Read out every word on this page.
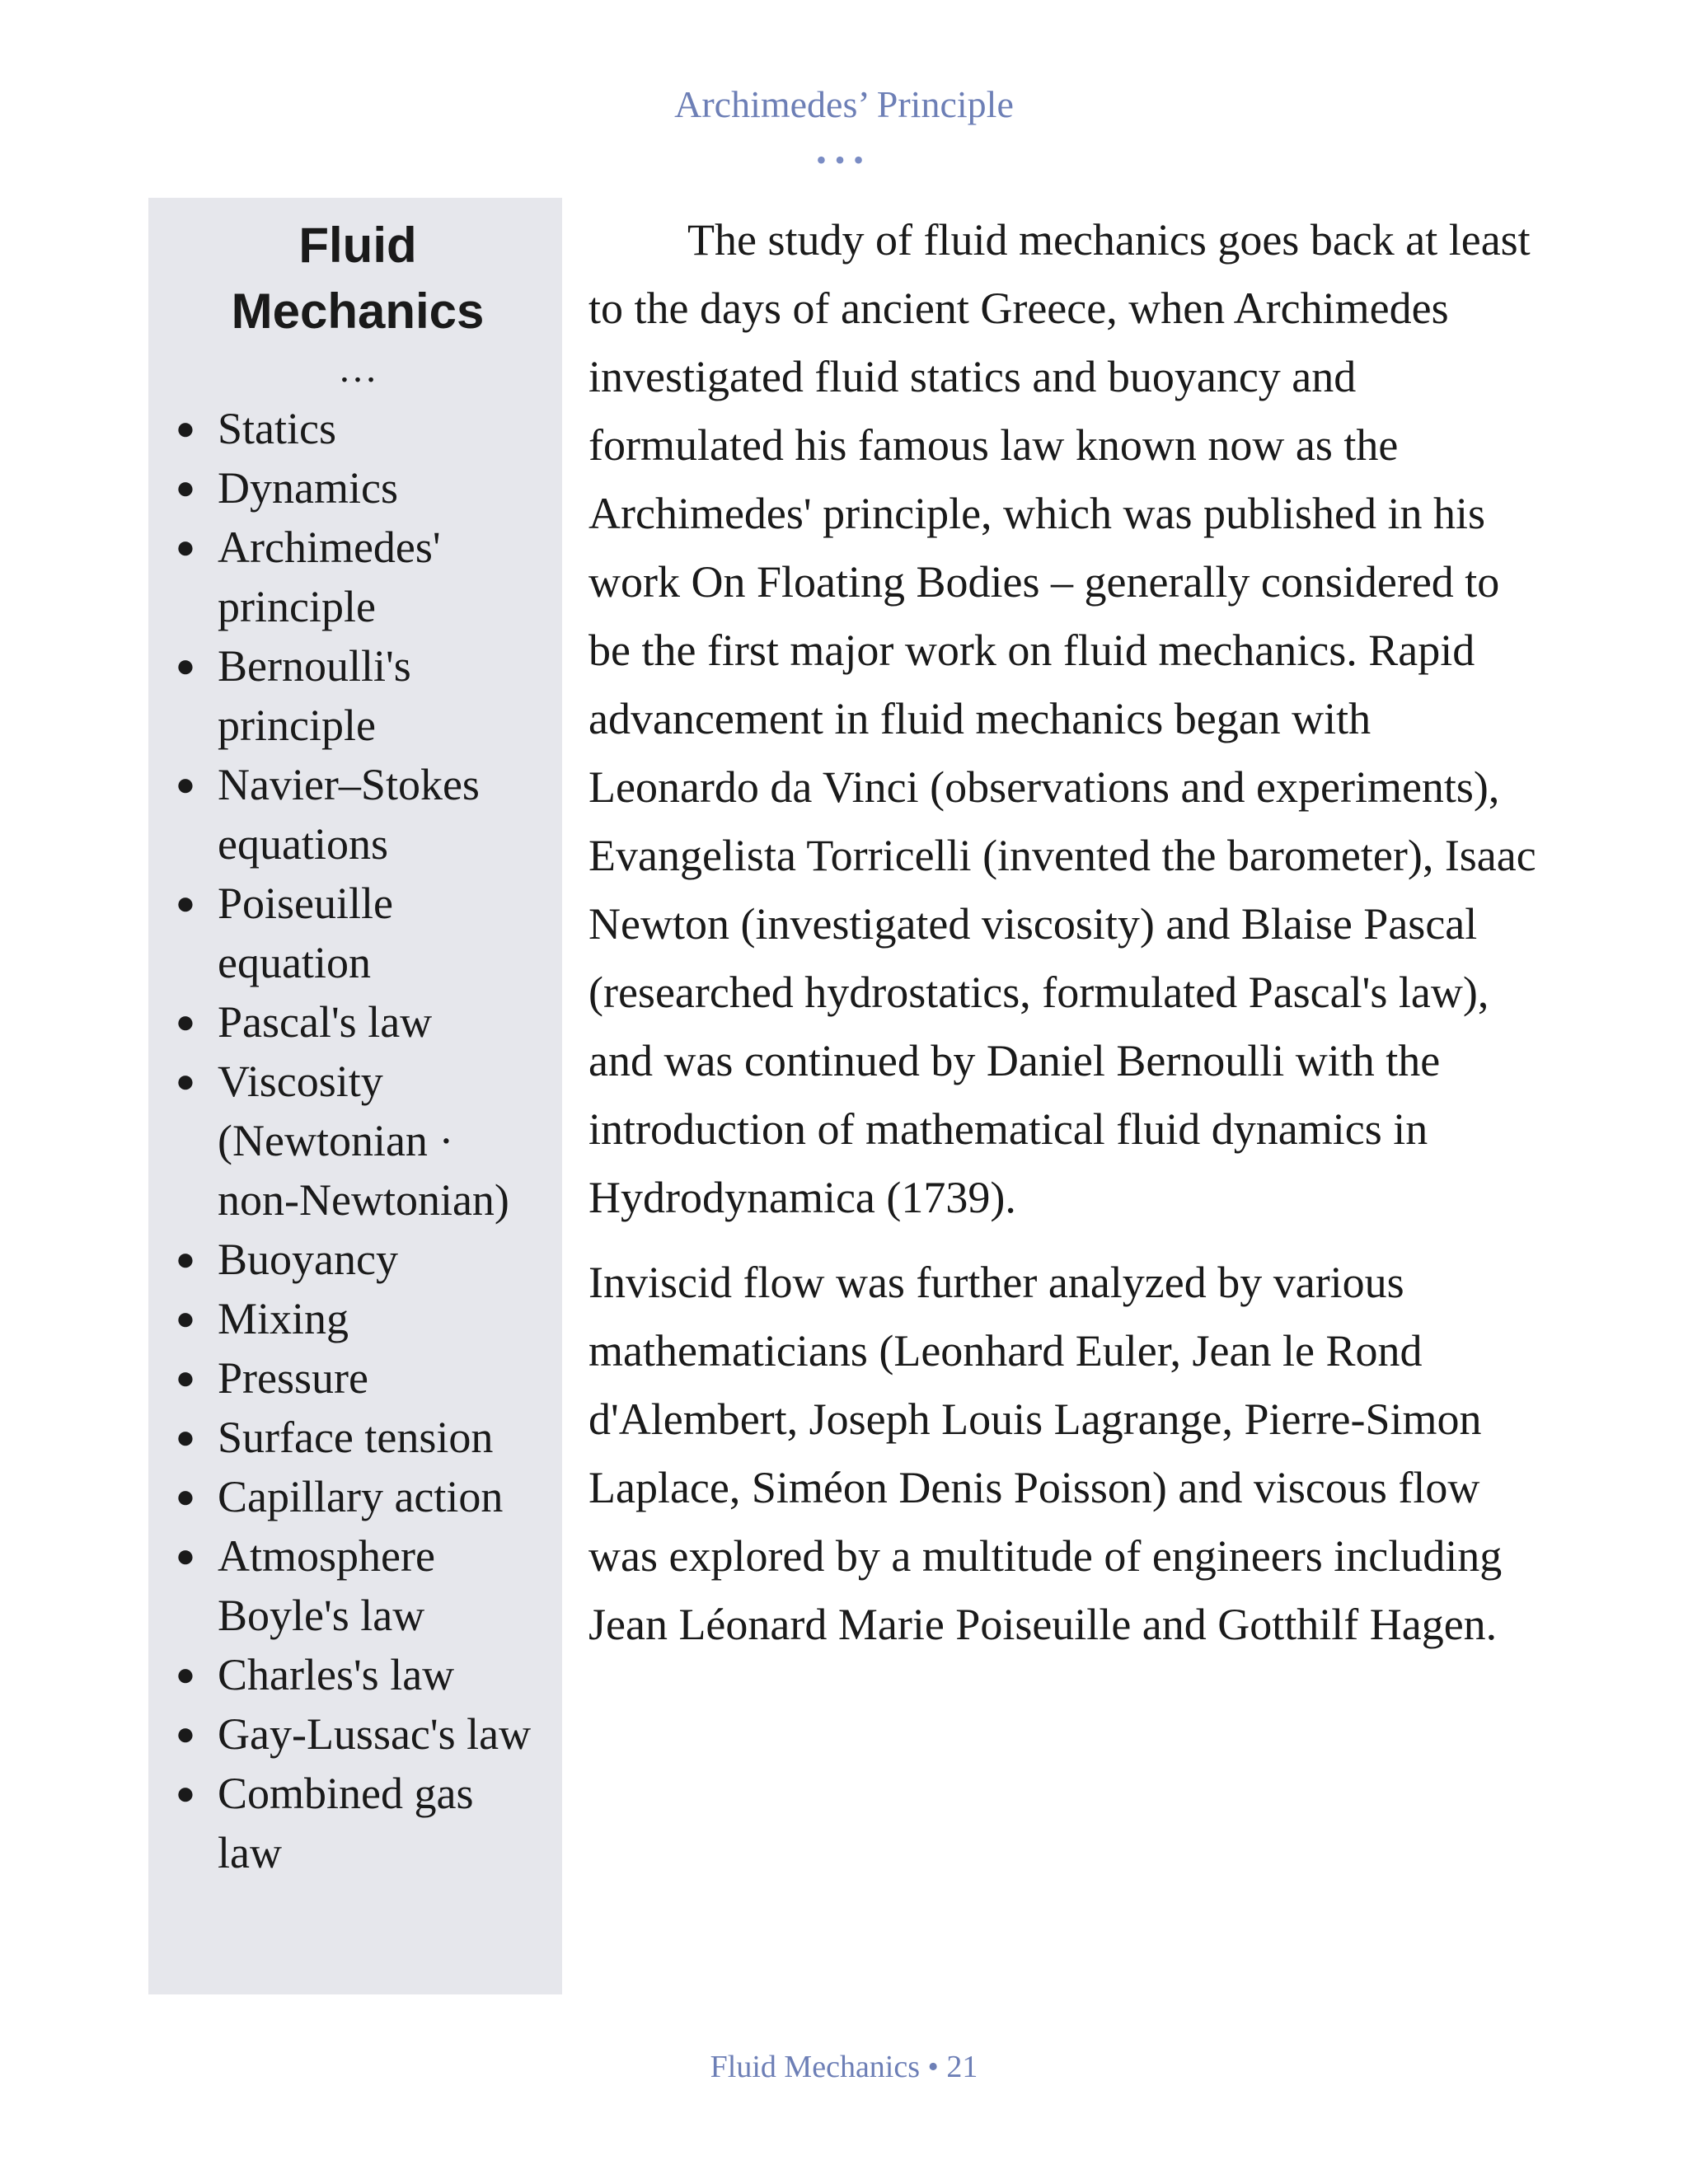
Archimedes’ Principle
•••
Fluid Mechanics
…
● Statics
● Dynamics
● Archimedes' principle
● Bernoulli's principle
● Navier–Stokes equations
● Poiseuille equation
● Pascal's law
● Viscosity (Newtonian · non-Newtonian)
● Buoyancy
● Mixing
● Pressure
● Surface tension
● Capillary action
● Atmosphere Boyle's law
● Charles's law
● Gay-Lussac's law
● Combined gas law

The study of fluid mechanics goes back at least to the days of ancient Greece, when Archimedes investigated fluid statics and buoyancy and formulated his famous law known now as the Archimedes' principle, which was published in his work On Floating Bodies – generally considered to be the first major work on fluid mechanics. Rapid advancement in fluid mechanics began with Leonardo da Vinci (observations and experiments), Evangelista Torricelli (invented the barometer), Isaac Newton (investigated viscosity) and Blaise Pascal (researched hydrostatics, formulated Pascal's law), and was continued by Daniel Bernoulli with the introduction of mathematical fluid dynamics in Hydrodynamica (1739).

Inviscid flow was further analyzed by various mathematicians (Leonhard Euler, Jean le Rond d'Alembert, Joseph Louis Lagrange, Pierre-Simon Laplace, Siméon Denis Poisson) and viscous flow was explored by a multitude of engineers including Jean Léonard Marie Poiseuille and Gotthilf Hagen.

Fluid Mechanics • 21
